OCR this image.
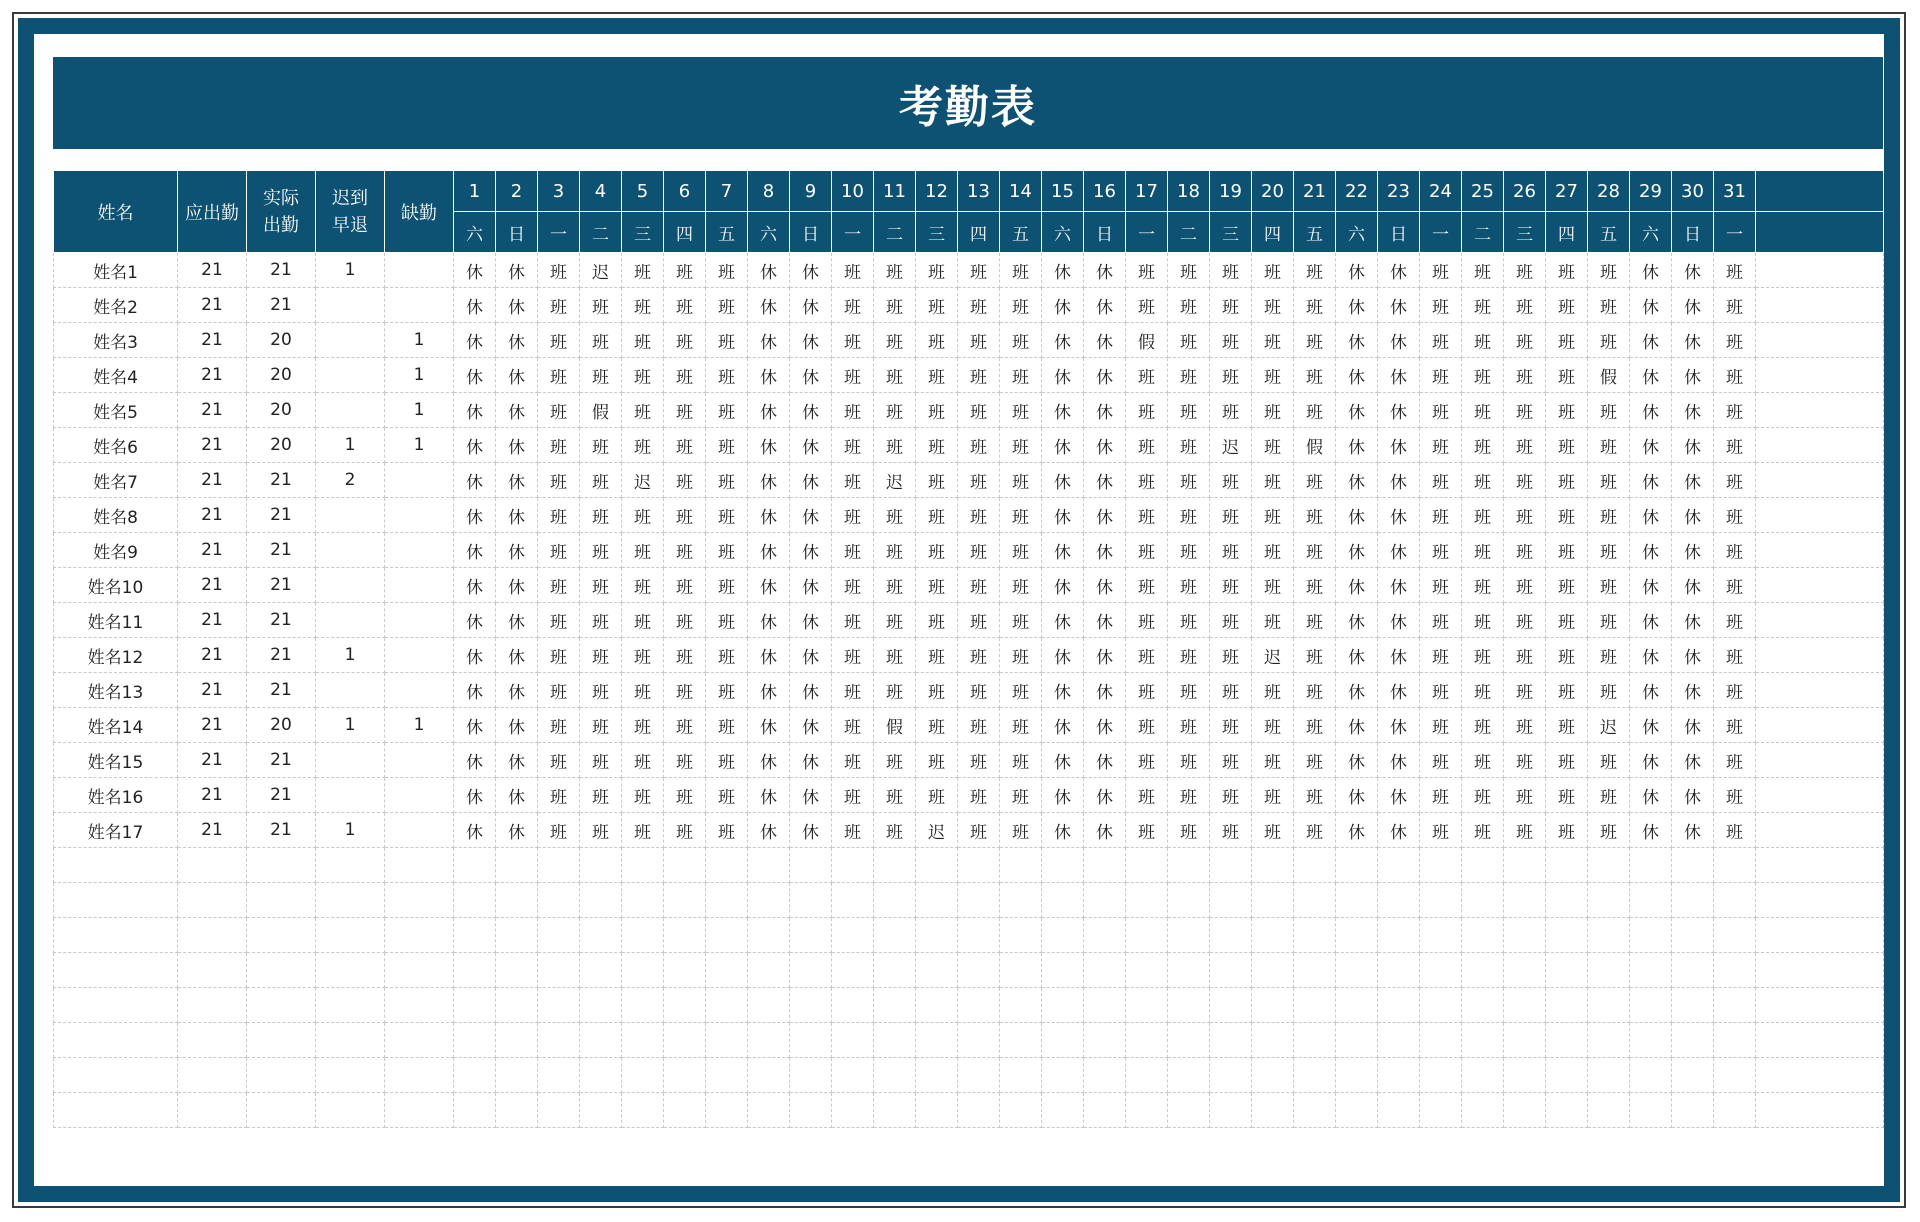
考勤表
姓名	应出勤	实际出勤	迟到早退	缺勤	1	2	3	4	5	6	7	8	9	10	11	12	13	14	15	16	17	18	19	20	21	22	23	24	25	26	27	28	29	30	31	
					六	日	一	二	三	四	五	六	日	一	二	三	四	五	六	日	一	二	三	四	五	六	日	一	二	三	四	五	六	日	一	
姓名1	21	21	1		休	休	班	迟	班	班	班	休	休	班	班	班	班	班	休	休	班	班	班	班	班	休	休	班	班	班	班	班	休	休	班	
姓名2	21	21			休	休	班	班	班	班	班	休	休	班	班	班	班	班	休	休	班	班	班	班	班	休	休	班	班	班	班	班	休	休	班	
姓名3	21	20		1	休	休	班	班	班	班	班	休	休	班	班	班	班	班	休	休	假	班	班	班	班	休	休	班	班	班	班	班	休	休	班	
姓名4	21	20		1	休	休	班	班	班	班	班	休	休	班	班	班	班	班	休	休	班	班	班	班	班	休	休	班	班	班	班	假	休	休	班	
姓名5	21	20		1	休	休	班	假	班	班	班	休	休	班	班	班	班	班	休	休	班	班	班	班	班	休	休	班	班	班	班	班	休	休	班	
姓名6	21	20	1	1	休	休	班	班	班	班	班	休	休	班	班	班	班	班	休	休	班	班	迟	班	假	休	休	班	班	班	班	班	休	休	班	
姓名7	21	21	2		休	休	班	班	迟	班	班	休	休	班	迟	班	班	班	休	休	班	班	班	班	班	休	休	班	班	班	班	班	休	休	班	
姓名8	21	21			休	休	班	班	班	班	班	休	休	班	班	班	班	班	休	休	班	班	班	班	班	休	休	班	班	班	班	班	休	休	班	
姓名9	21	21			休	休	班	班	班	班	班	休	休	班	班	班	班	班	休	休	班	班	班	班	班	休	休	班	班	班	班	班	休	休	班	
姓名10	21	21			休	休	班	班	班	班	班	休	休	班	班	班	班	班	休	休	班	班	班	班	班	休	休	班	班	班	班	班	休	休	班	
姓名11	21	21			休	休	班	班	班	班	班	休	休	班	班	班	班	班	休	休	班	班	班	班	班	休	休	班	班	班	班	班	休	休	班	
姓名12	21	21	1		休	休	班	班	班	班	班	休	休	班	班	班	班	班	休	休	班	班	班	迟	班	休	休	班	班	班	班	班	休	休	班	
姓名13	21	21			休	休	班	班	班	班	班	休	休	班	班	班	班	班	休	休	班	班	班	班	班	休	休	班	班	班	班	班	休	休	班	
姓名14	21	20	1	1	休	休	班	班	班	班	班	休	休	班	假	班	班	班	休	休	班	班	班	班	班	休	休	班	班	班	班	迟	休	休	班	
姓名15	21	21			休	休	班	班	班	班	班	休	休	班	班	班	班	班	休	休	班	班	班	班	班	休	休	班	班	班	班	班	休	休	班	
姓名16	21	21			休	休	班	班	班	班	班	休	休	班	班	班	班	班	休	休	班	班	班	班	班	休	休	班	班	班	班	班	休	休	班	
姓名17	21	21	1		休	休	班	班	班	班	班	休	休	班	班	迟	班	班	休	休	班	班	班	班	班	休	休	班	班	班	班	班	休	休	班	
